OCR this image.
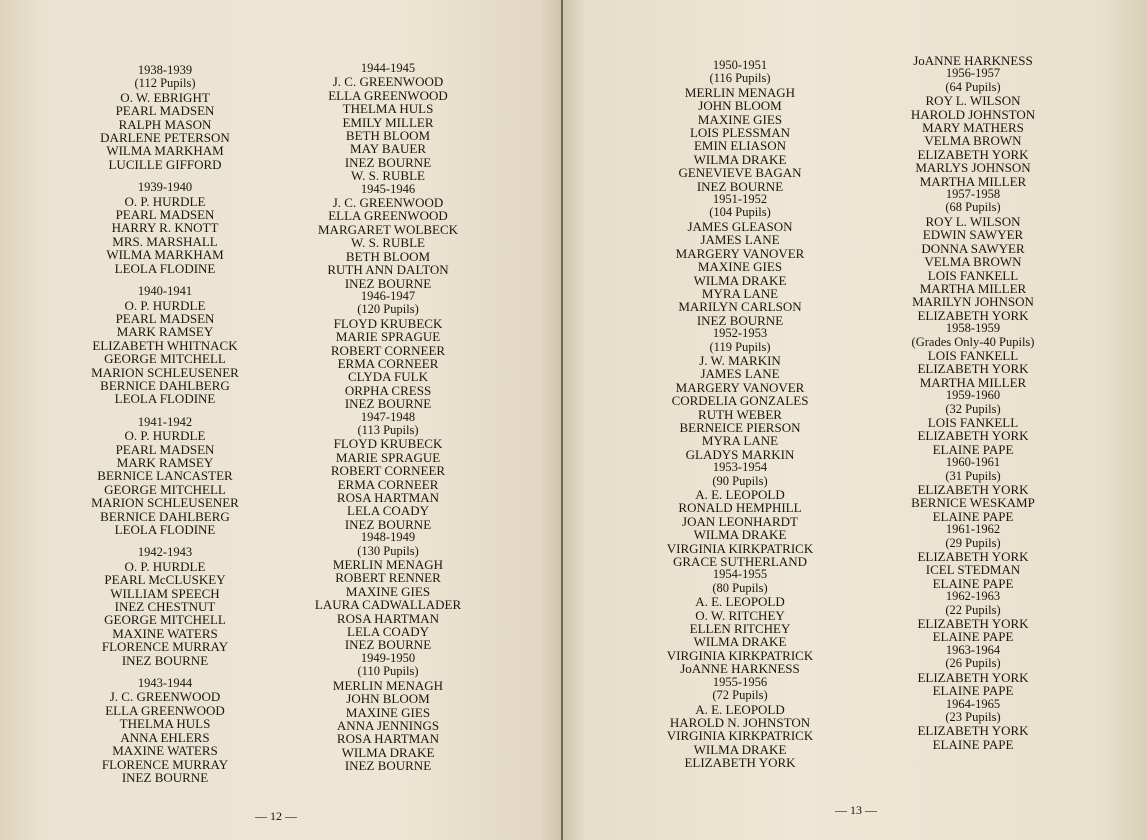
1938-1939
(112 Pupils)
O. W. EBRIGHT
PEARL MADSEN
RALPH MASON
DARLENE PETERSON
WILMA MARKHAM
LUCILLE GIFFORD
1939-1940
O. P. HURDLE
PEARL MADSEN
HARRY R. KNOTT
MRS. MARSHALL
WILMA MARKHAM
LEOLA FLODINE
1940-1941
O. P. HURDLE
PEARL MADSEN
MARK RAMSEY
ELIZABETH WHITNACK
GEORGE MITCHELL
MARION SCHLEUSENER
BERNICE DAHLBERG
LEOLA FLODINE
1941-1942
O. P. HURDLE
PEARL MADSEN
MARK RAMSEY
BERNICE LANCASTER
GEORGE MITCHELL
MARION SCHLEUSENER
BERNICE DAHLBERG
LEOLA FLODINE
1942-1943
O. P. HURDLE
PEARL McCLUSKEY
WILLIAM SPEECH
INEZ CHESTNUT
GEORGE MITCHELL
MAXINE WATERS
FLORENCE MURRAY
INEZ BOURNE
1943-1944
J. C. GREENWOOD
ELLA GREENWOOD
THELMA HULS
ANNA EHLERS
MAXINE WATERS
FLORENCE MURRAY
INEZ BOURNE
1944-1945
J. C. GREENWOOD
ELLA GREENWOOD
THELMA HULS
EMILY MILLER
BETH BLOOM
MAY BAUER
INEZ BOURNE
W. S. RUBLE
1945-1946
J. C. GREENWOOD
ELLA GREENWOOD
MARGARET WOLBECK
W. S. RUBLE
BETH BLOOM
RUTH ANN DALTON
INEZ BOURNE
1946-1947
(120 Pupils)
FLOYD KRUBECK
MARIE SPRAGUE
ROBERT CORNEER
ERMA CORNEER
CLYDA FULK
ORPHA CRESS
INEZ BOURNE
1947-1948
(113 Pupils)
FLOYD KRUBECK
MARIE SPRAGUE
ROBERT CORNEER
ERMA CORNEER
ROSA HARTMAN
LELA COADY
INEZ BOURNE
1948-1949
(130 Pupils)
MERLIN MENAGH
ROBERT RENNER
MAXINE GIES
LAURA CADWALLADER
ROSA HARTMAN
LELA COADY
INEZ BOURNE
1949-1950
(110 Pupils)
MERLIN MENAGH
JOHN BLOOM
MAXINE GIES
ANNA JENNINGS
ROSA HARTMAN
WILMA DRAKE
INEZ BOURNE
— 12 —
1950-1951
(116 Pupils)
MERLIN MENAGH
JOHN BLOOM
MAXINE GIES
LOIS PLESSMAN
EMIN ELIASON
WILMA DRAKE
GENEVIEVE BAGAN
INEZ BOURNE
1951-1952
(104 Pupils)
JAMES GLEASON
JAMES LANE
MARGERY VANOVER
MAXINE GIES
WILMA DRAKE
MYRA LANE
MARILYN CARLSON
INEZ BOURNE
1952-1953
(119 Pupils)
J. W. MARKIN
JAMES LANE
MARGERY VANOVER
CORDELIA GONZALES
RUTH WEBER
BERNEICE PIERSON
MYRA LANE
GLADYS MARKIN
1953-1954
(90 Pupils)
A. E. LEOPOLD
RONALD HEMPHILL
JOAN LEONHARDT
WILMA DRAKE
VIRGINIA KIRKPATRICK
GRACE SUTHERLAND
1954-1955
(80 Pupils)
A. E. LEOPOLD
O. W. RITCHEY
ELLEN RITCHEY
WILMA DRAKE
VIRGINIA KIRKPATRICK
JoANNE HARKNESS
1955-1956
(72 Pupils)
A. E. LEOPOLD
HAROLD N. JOHNSTON
VIRGINIA KIRKPATRICK
WILMA DRAKE
ELIZABETH YORK
JoANNE HARKNESS
1956-1957
(64 Pupils)
ROY L. WILSON
HAROLD JOHNSTON
MARY MATHERS
VELMA BROWN
ELIZABETH YORK
MARLYS JOHNSON
MARTHA MILLER
1957-1958
(68 Pupils)
ROY L. WILSON
EDWIN SAWYER
DONNA SAWYER
VELMA BROWN
LOIS FANKELL
MARTHA MILLER
MARILYN JOHNSON
ELIZABETH YORK
1958-1959
(Grades Only-40 Pupils)
LOIS FANKELL
ELIZABETH YORK
MARTHA MILLER
1959-1960
(32 Pupils)
LOIS FANKELL
ELIZABETH YORK
ELAINE PAPE
1960-1961
(31 Pupils)
ELIZABETH YORK
BERNICE WESKAMP
ELAINE PAPE
1961-1962
(29 Pupils)
ELIZABETH YORK
ICEL STEDMAN
ELAINE PAPE
1962-1963
(22 Pupils)
ELIZABETH YORK
ELAINE PAPE
1963-1964
(26 Pupils)
ELIZABETH YORK
ELAINE PAPE
1964-1965
(23 Pupils)
ELIZABETH YORK
ELAINE PAPE
— 13 —
